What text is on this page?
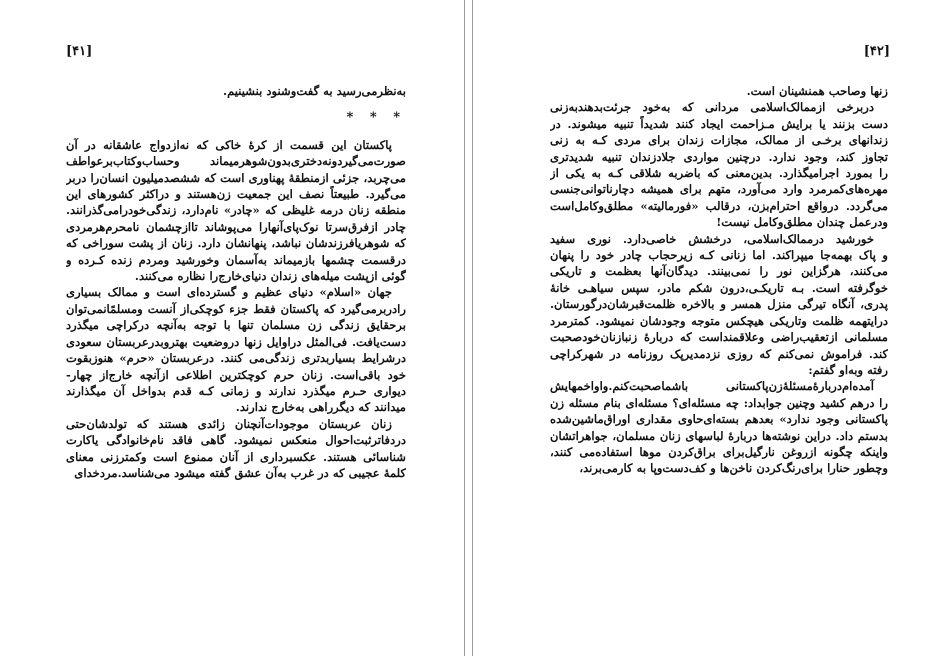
[۴۱]
به‌نظرمی‌رسید به گفت‌وشنود بنشینیم.
* * *
پاکستان این قسمت از کرۀ خاکی که نه‌ازدواج عاشقانه در آن
صورت‌می‌گیرد‌ونه‌دختری‌بدون‌شوهرمیماند وحساب‌وکتاب‌برعواطف
می‌چربد، جزئی ازمنطقۀ پهناوری است که ششصد‌میلیون انسان‌را دربر
می‌گیرد. طبیعتاً نصف این جمعیت زن‌هستند و دراکثر کشورهای این
منطقه زنان درمه غلیظی که «چادر» نام‌دارد، زندگی‌خودرامی‌گذرانند.
چادر ازفرق‌سرتا نوک‌پای‌آنهارا می‌پوشاند تاازچشمان نامحرم‌هرمردی
که شوهریافرزندشان نباشد، پنهانشان دارد. زنان از پشت سوراخی که
درقسمت چشمها بازمیماند به‌آسمان وخورشید ومردم زنده کـرده و
گوئی ازپشت میله‌های زندان دنیای‌خارج‌را نظاره می‌کنند.
جهان «اسلام» دنیای عظیم و گسترده‌ای است و ممالک بسیاری
رادربرمی‌گیرد که پاکستان فقط جزء کوچکی‌از آنست و‌مسلمًا‌نمی‌توان
برحقایق زندگی زن مسلمان تنها با توجه به‌آنچه درکراچی میگذرد
دست‌یافت. فی‌المثل دراوایل زنها دروضعیت بهتروبدرعربستان سعودی
درشرایط بسیاربدتری زندگی‌می کنند. درعربستان «حرم» هنوز‌بقوت
خود باقی‌است. زنان حرم کوچکترین اطلاعی از‌آنچه خارج‌از چهار-
دیواری حـرم میگذرد ندارند و زمانی کـه قدم بدواخل آن میگذارند
میدانند که دیگرراهی به‌خارج ندارند.
زنان عربستان موجودات‌آنچنان زائدی هستند که تولدشان‌حتی
دردفاترثبت‌احوال منعکس نمیشود. گاهی فاقد نام‌خانوادگی یا‌کارت
شناسائی هستند. عکسبرداری از آنان ممنوع است وکمترزنی معنای
کلمۀ عجیبی که در غرب به‌آن عشق گفته میشود می‌شناسد.مردخدای
[۴۲]
زنها وصاحب همنشینان است.
دربرخی ازممالک‌اسلامی مردانی که به‌خود جرئت‌بدهند‌به‌زنی
دست بزنند یا برایش مـزاحمت ایجاد کنند شدیداً تنبیه میشوند. در
زندانهای برخـی از ممالک، مجازات زندان برای مردی کـه به زنی
تجاوز کند، وجود ندارد. درچنین مواردی جلادزندان تنبیه شدیدتری
را بمورد اجرامیگذارد. بدین‌معنی که باضربه شلاقی کـه به یکی از
مهره‌های‌کمرمرد وارد می‌آورد، متهم برای همیشه دچارناتوانی‌جنسی
می‌گردد. درواقع احترام‌بزن، درقالب «فورمالیته» مطلق‌وکامل‌است
ودرعمل چندان مطلق‌وکامل نیست!
خورشید درممالک‌اسلامی، درخشش خاصی‌دارد. نوری سفید
و پاک بهمه‌جا میپراکند. اما زنانی کـه زیرحجاب چادر خود را پنهان
می‌کنند، هرگزاین نور را نمی‌بینند. دیدگان‌آنها بعظمت و تاریکی
خوگرفته است. بـه تاریکـی،درون شکم مادر، سپس سیاهـی خانۀ
پدری، آنگاه تیرگی منزل همسر و بالاخره ظلمت‌قبرشان‌درگورستان.
درایتهمه ظلمت وتاریکی هیچکس متوجه وجودشان نمیشود. کمترمرد
مسلمانی ازتعقیب‌راضی وعلاقمنداست که دربارۀ زنبازنان‌خودصحبت
کند. فراموش نمی‌کنم که روزی نزد‌مدیرپک روزنامه در شهرکراچی
رفته وبه‌او گفتم:
آمده‌ام‌دربارۀمسئلۀزن‌پاکستانی باشماصحبت‌کنم.واواخمهایش
را درهم کشید وچنین جوابداد: چه مسئله‌ای؟ مسئله‌ای بنام مسئله زن
پاکستانی وجود ندارد» بعدهم بسته‌ای‌حاوی مقداری اوراق‌ماشین‌شده
بدستم داد. دراین نوشته‌ها دربارۀ لباسهای زنان مسلمان، جواهراتشان
واینکه چگونه ازروغن نارگیل‌برای براق‌کردن موها استفاده‌می کنند،
وچطور حنارا برای‌رنگ‌کردن ناخن‌ها و کف‌دست‌وپا به کارمی‌برند،
